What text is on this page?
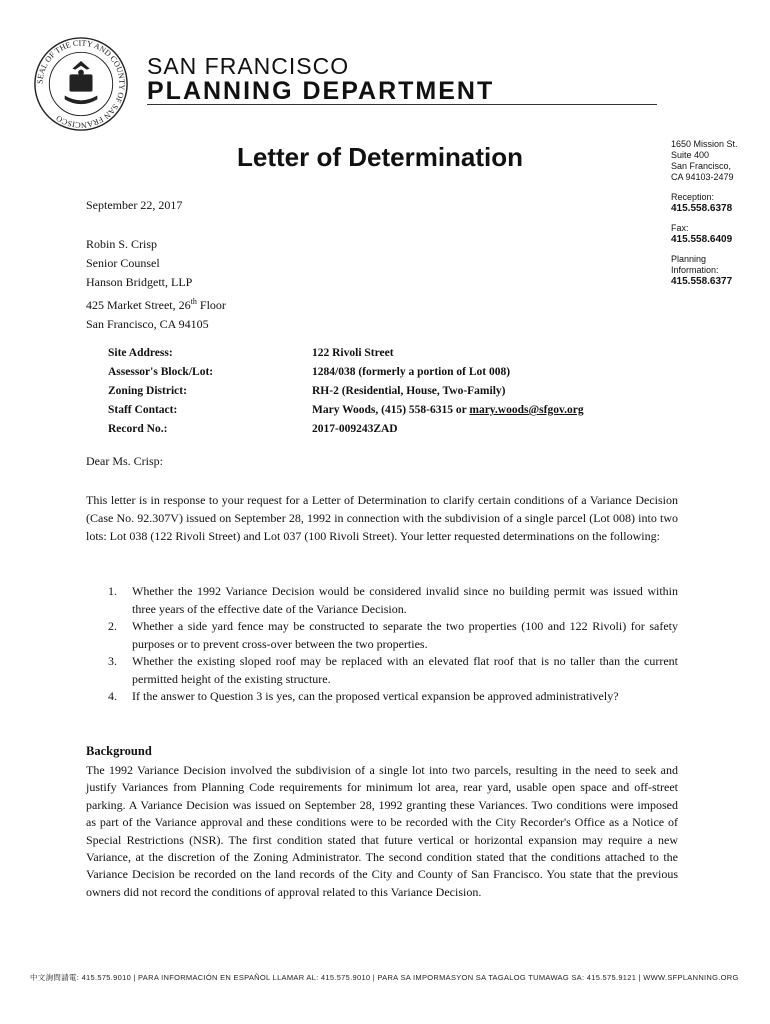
SEAL OF THE CITY AND COUNTY OF SAN FRANCISCO
SAN FRANCISCO
PLANNING DEPARTMENT
Letter of Determination	1650 Mission St.
Suite 400
San Francisco,
CA 94103-2479
Reception:
415.558.6378
Fax:
415.558.6409
Planning
Information:
415.558.6377
September 22, 2017
Robin S. Crisp
Senior Counsel
Hanson Bridgett, LLP
425 Market Street, 26th Floor
San Francisco, CA 94105
Site Address:	122 Rivoli Street
Assessor's Block/Lot:	1284/038 (formerly a portion of Lot 008)
Zoning District:	RH-2 (Residential, House, Two-Family)
Staff Contact:	Mary Woods, (415) 558-6315 or mary.woods@sfgov.org
Record No.:	2017-009243ZAD
Dear Ms. Crisp:

This letter is in response to your request for a Letter of Determination to clarify certain conditions of a Variance Decision (Case No. 92.307V) issued on September 28, 1992 in connection with the subdivision of a single parcel (Lot 008) into two lots: Lot 038 (122 Rivoli Street) and Lot 037 (100 Rivoli Street). Your letter requested determinations on the following:

1. Whether the 1992 Variance Decision would be considered invalid since no building permit was issued within three years of the effective date of the Variance Decision.
2. Whether a side yard fence may be constructed to separate the two properties (100 and 122 Rivoli) for safety purposes or to prevent cross-over between the two properties.
3. Whether the existing sloped roof may be replaced with an elevated flat roof that is no taller than the current permitted height of the existing structure.
4. If the answer to Question 3 is yes, can the proposed vertical expansion be approved administratively?
Background

The 1992 Variance Decision involved the subdivision of a single lot into two parcels, resulting in the need to seek and justify Variances from Planning Code requirements for minimum lot area, rear yard, usable open space and off-street parking. A Variance Decision was issued on September 28, 1992 granting these Variances. Two conditions were imposed as part of the Variance approval and these conditions were to be recorded with the City Recorder's Office as a Notice of Special Restrictions (NSR). The first condition stated that future vertical or horizontal expansion may require a new Variance, at the discretion of the Zoning Administrator. The second condition stated that the conditions attached to the Variance Decision be recorded on the land records of the City and County of San Francisco. You state that the previous owners did not record the conditions of approval related to this Variance Decision.

中文詢問請電: 415.575.9010 | PARA INFORMACIÓN EN ESPAÑOL LLAMAR AL: 415.575.9010 | PARA SA IMPORMASYON SA TAGALOG TUMAWAG SA: 415.575.9121 | WWW.SFPLANNING.ORG
